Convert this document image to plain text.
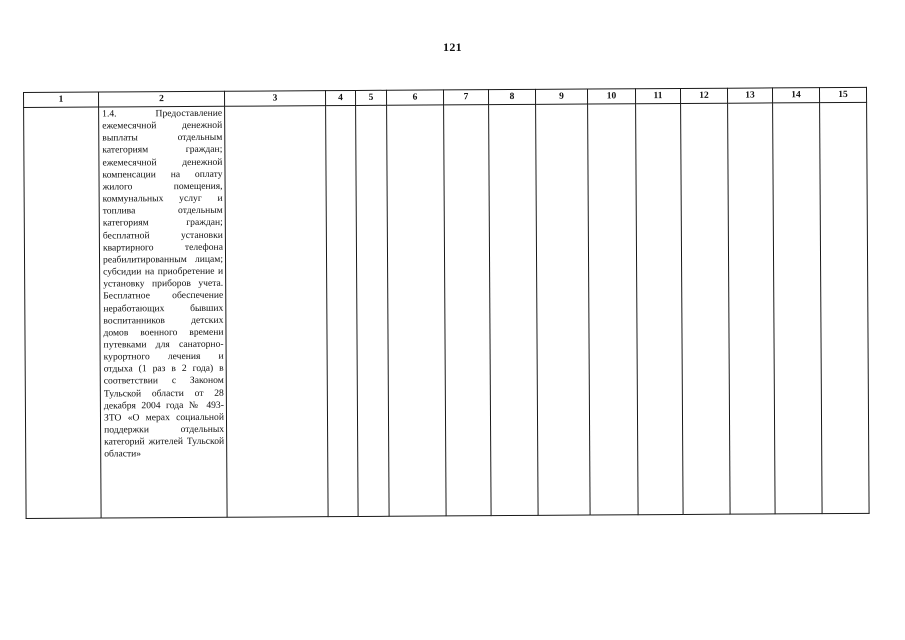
121
1	2	3	4	5	6	7	8	9	10	11	12	13	14	15

	1.4. Предоставление ежемесячной денежной выплаты отдельным категориям граждан; ежемесячной денежной компенсации на оплату жилого помещения, коммунальных услуг и топлива отдельным категориям граждан; бесплатной установки квартирного телефона реабилитированным лицам; субсидии на приобретение и установку приборов учета. Бесплатное обеспечение неработающих бывших воспитанников детских домов военного времени путевками для санаторно-курортного лечения и отдыха (1 раз в 2 года) в соответствии с Законом Тульской области от 28 декабря 2004 года № 493-ЗТО «О мерах социальной поддержки отдельных категорий жителей Тульской области»													
